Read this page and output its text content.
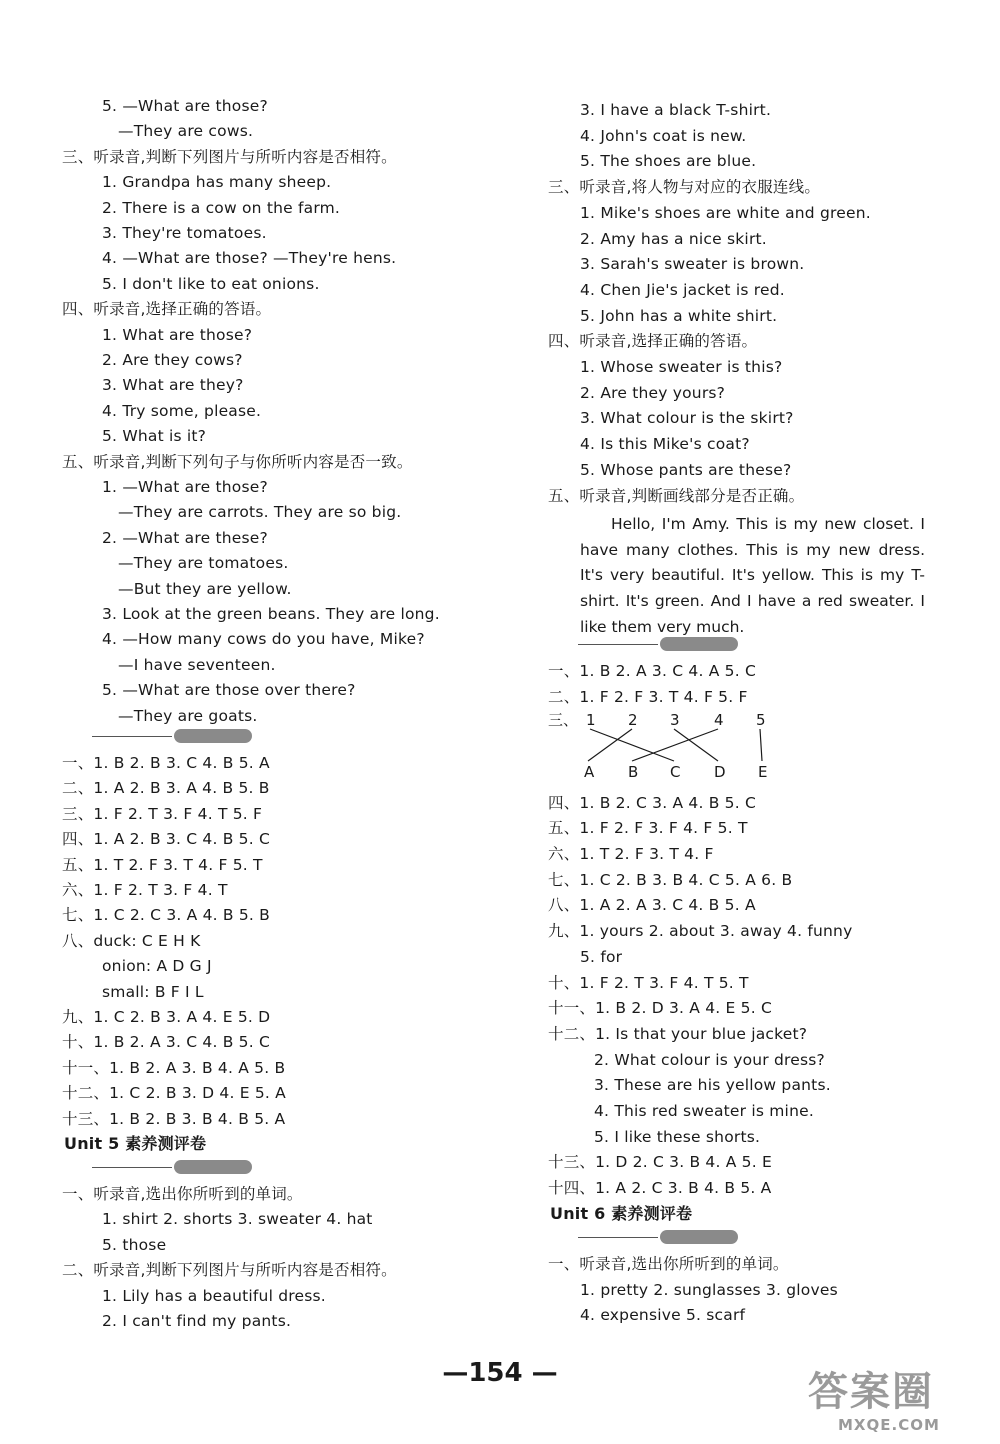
5. —What are those?
—They are cows.
三、听录音,判断下列图片与所听内容是否相符。
1. Grandpa has many sheep.
2. There is a cow on the farm.
3. They're tomatoes.
4. —What are those? —They're hens.
5. I don't like to eat onions.
四、听录音,选择正确的答语。
1. What are those?
2. Are they cows?
3. What are they?
4. Try some, please.
5. What is it?
五、听录音,判断下列句子与你所听内容是否一致。
1. —What are those?
—They are carrots. They are so big.
2. —What are these?
—They are tomatoes.
—But they are yellow.
3. Look at the green beans. They are long.
4. —How many cows do you have, Mike?
—I have seventeen.
5. —What are those over there?
—They are goats.
一、1. B 2. B 3. C 4. B 5. A
二、1. A 2. B 3. A 4. B 5. B
三、1. F 2. T 3. F 4. T 5. F
四、1. A 2. B 3. C 4. B 5. C
五、1. T 2. F 3. T 4. F 5. T
六、1. F 2. T 3. F 4. T
七、1. C 2. C 3. A 4. B 5. B
八、duck: C E H K
onion: A D G J
small: B F I L
九、1. C 2. B 3. A 4. E 5. D
十、1. B 2. A 3. C 4. B 5. C
十一、1. B 2. A 3. B 4. A 5. B
十二、1. C 2. B 3. D 4. E 5. A
十三、1. B 2. B 3. B 4. B 5. A
Unit 5 素养测评卷
一、听录音,选出你所听到的单词。
1. shirt 2. shorts 3. sweater 4. hat
5. those
二、听录音,判断下列图片与所听内容是否相符。
1. Lily has a beautiful dress.
2. I can't find my pants.
3. I have a black T-shirt.
4. John's coat is new.
5. The shoes are blue.
三、听录音,将人物与对应的衣服连线。
1. Mike's shoes are white and green.
2. Amy has a nice skirt.
3. Sarah's sweater is brown.
4. Chen Jie's jacket is red.
5. John has a white shirt.
四、听录音,选择正确的答语。
1. Whose sweater is this?
2. Are they yours?
3. What colour is the skirt?
4. Is this Mike's coat?
5. Whose pants are these?
五、听录音,判断画线部分是否正确。
Hello, I'm Amy. This is my new closet. I have many clothes. This is my new dress. It's very beautiful. It's yellow. This is my T-shirt. It's green. And I have a red sweater. I like them very much.
一、1. B 2. A 3. C 4. A 5. C
二、1. F 2. F 3. T 4. F 5. F
三、 1 2 3 4 5
A B C D E
四、1. B 2. C 3. A 4. B 5. C
五、1. F 2. F 3. F 4. F 5. T
六、1. T 2. F 3. T 4. F
七、1. C 2. B 3. B 4. C 5. A 6. B
八、1. A 2. A 3. C 4. B 5. A
九、1. yours 2. about 3. away 4. funny
5. for
十、1. F 2. T 3. F 4. T 5. T
十一、1. B 2. D 3. A 4. E 5. C
十二、1. Is that your blue jacket?
2. What colour is your dress?
3. These are his yellow pants.
4. This red sweater is mine.
5. I like these shorts.
十三、1. D 2. C 3. B 4. A 5. E
十四、1. A 2. C 3. B 4. B 5. A
Unit 6 素养测评卷
一、听录音,选出你所听到的单词。
1. pretty 2. sunglasses 3. gloves
4. expensive 5. scarf
—154 —	答案圈
MXQE.COM
